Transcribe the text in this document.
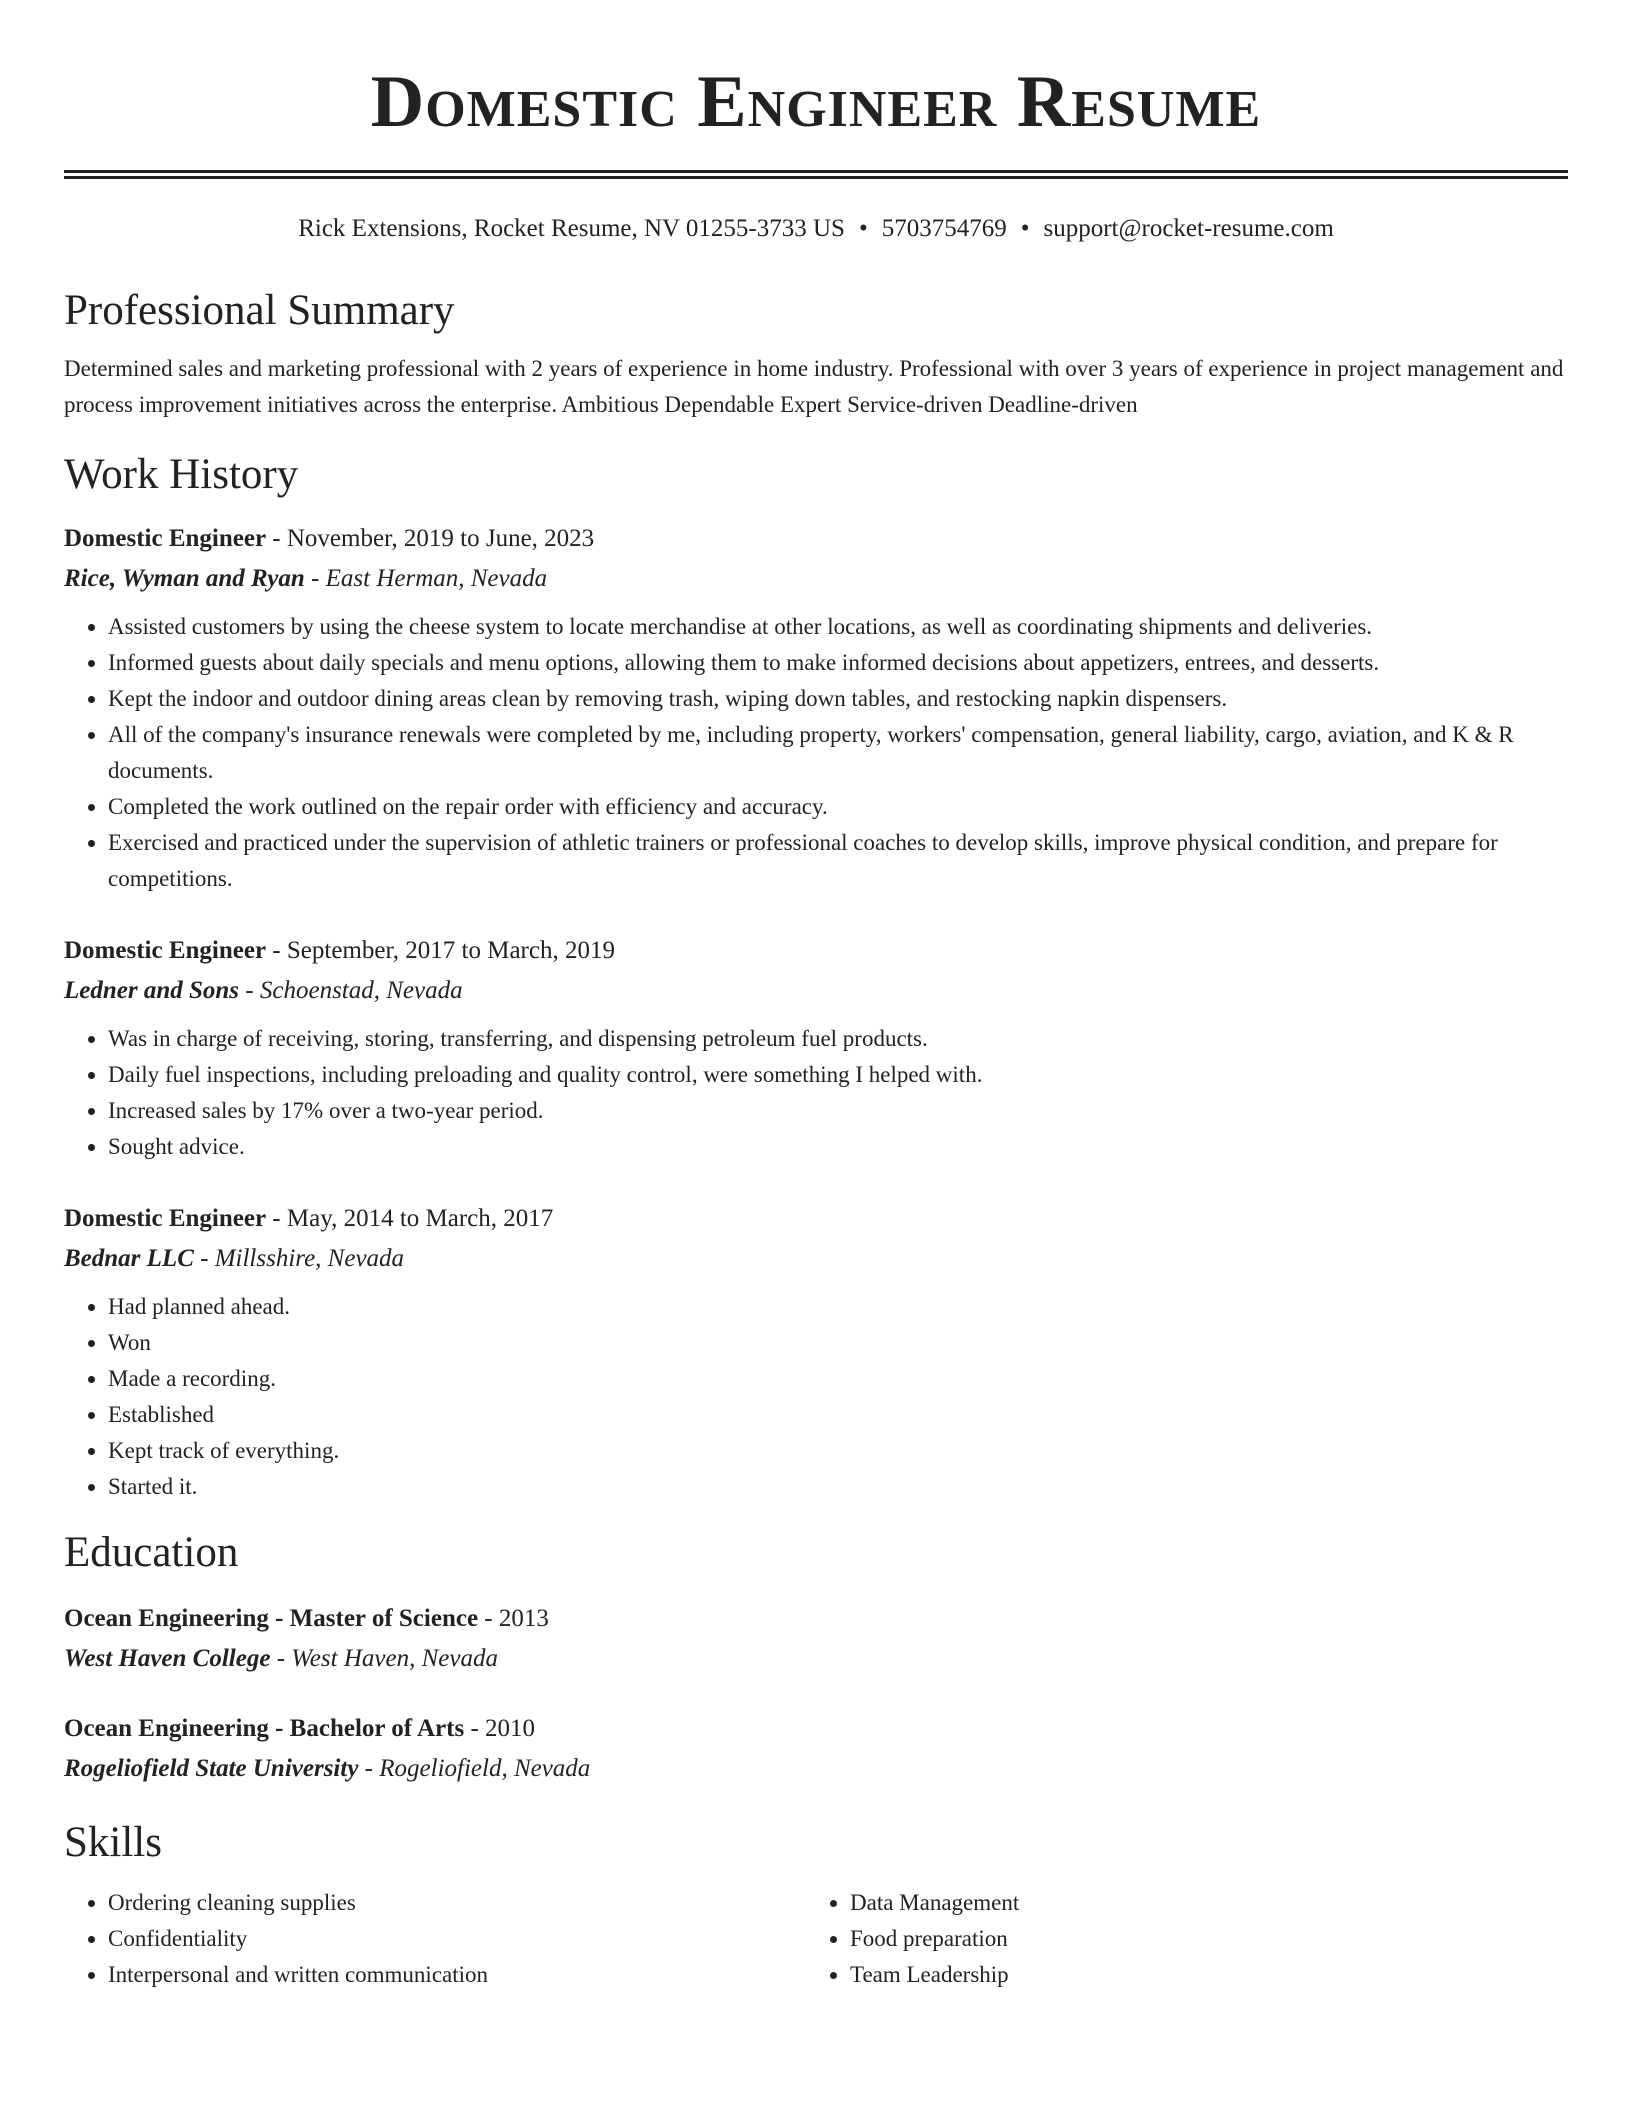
Domestic Engineer Resume
Rick Extensions, Rocket Resume, NV 01255-3733 US • 5703754769 • support@rocket-resume.com
Professional Summary
Determined sales and marketing professional with 2 years of experience in home industry. Professional with over 3 years of experience in project management and process improvement initiatives across the enterprise. Ambitious Dependable Expert Service-driven Deadline-driven
Work History
Domestic Engineer - November, 2019 to June, 2023
Rice, Wyman and Ryan - East Herman, Nevada
• Assisted customers by using the cheese system to locate merchandise at other locations, as well as coordinating shipments and deliveries.
• Informed guests about daily specials and menu options, allowing them to make informed decisions about appetizers, entrees, and desserts.
• Kept the indoor and outdoor dining areas clean by removing trash, wiping down tables, and restocking napkin dispensers.
• All of the company's insurance renewals were completed by me, including property, workers' compensation, general liability, cargo, aviation, and K & R documents.
• Completed the work outlined on the repair order with efficiency and accuracy.
• Exercised and practiced under the supervision of athletic trainers or professional coaches to develop skills, improve physical condition, and prepare for competitions.
Domestic Engineer - September, 2017 to March, 2019
Ledner and Sons - Schoenstad, Nevada
• Was in charge of receiving, storing, transferring, and dispensing petroleum fuel products.
• Daily fuel inspections, including preloading and quality control, were something I helped with.
• Increased sales by 17% over a two-year period.
• Sought advice.
Domestic Engineer - May, 2014 to March, 2017
Bednar LLC - Millsshire, Nevada
• Had planned ahead.
• Won
• Made a recording.
• Established
• Kept track of everything.
• Started it.
Education
Ocean Engineering - Master of Science - 2013
West Haven College - West Haven, Nevada
Ocean Engineering - Bachelor of Arts - 2010
Rogeliofield State University - Rogeliofield, Nevada
Skills
• Ordering cleaning supplies
• Confidentiality
• Interpersonal and written communication
• Data Management
• Food preparation
• Team Leadership
